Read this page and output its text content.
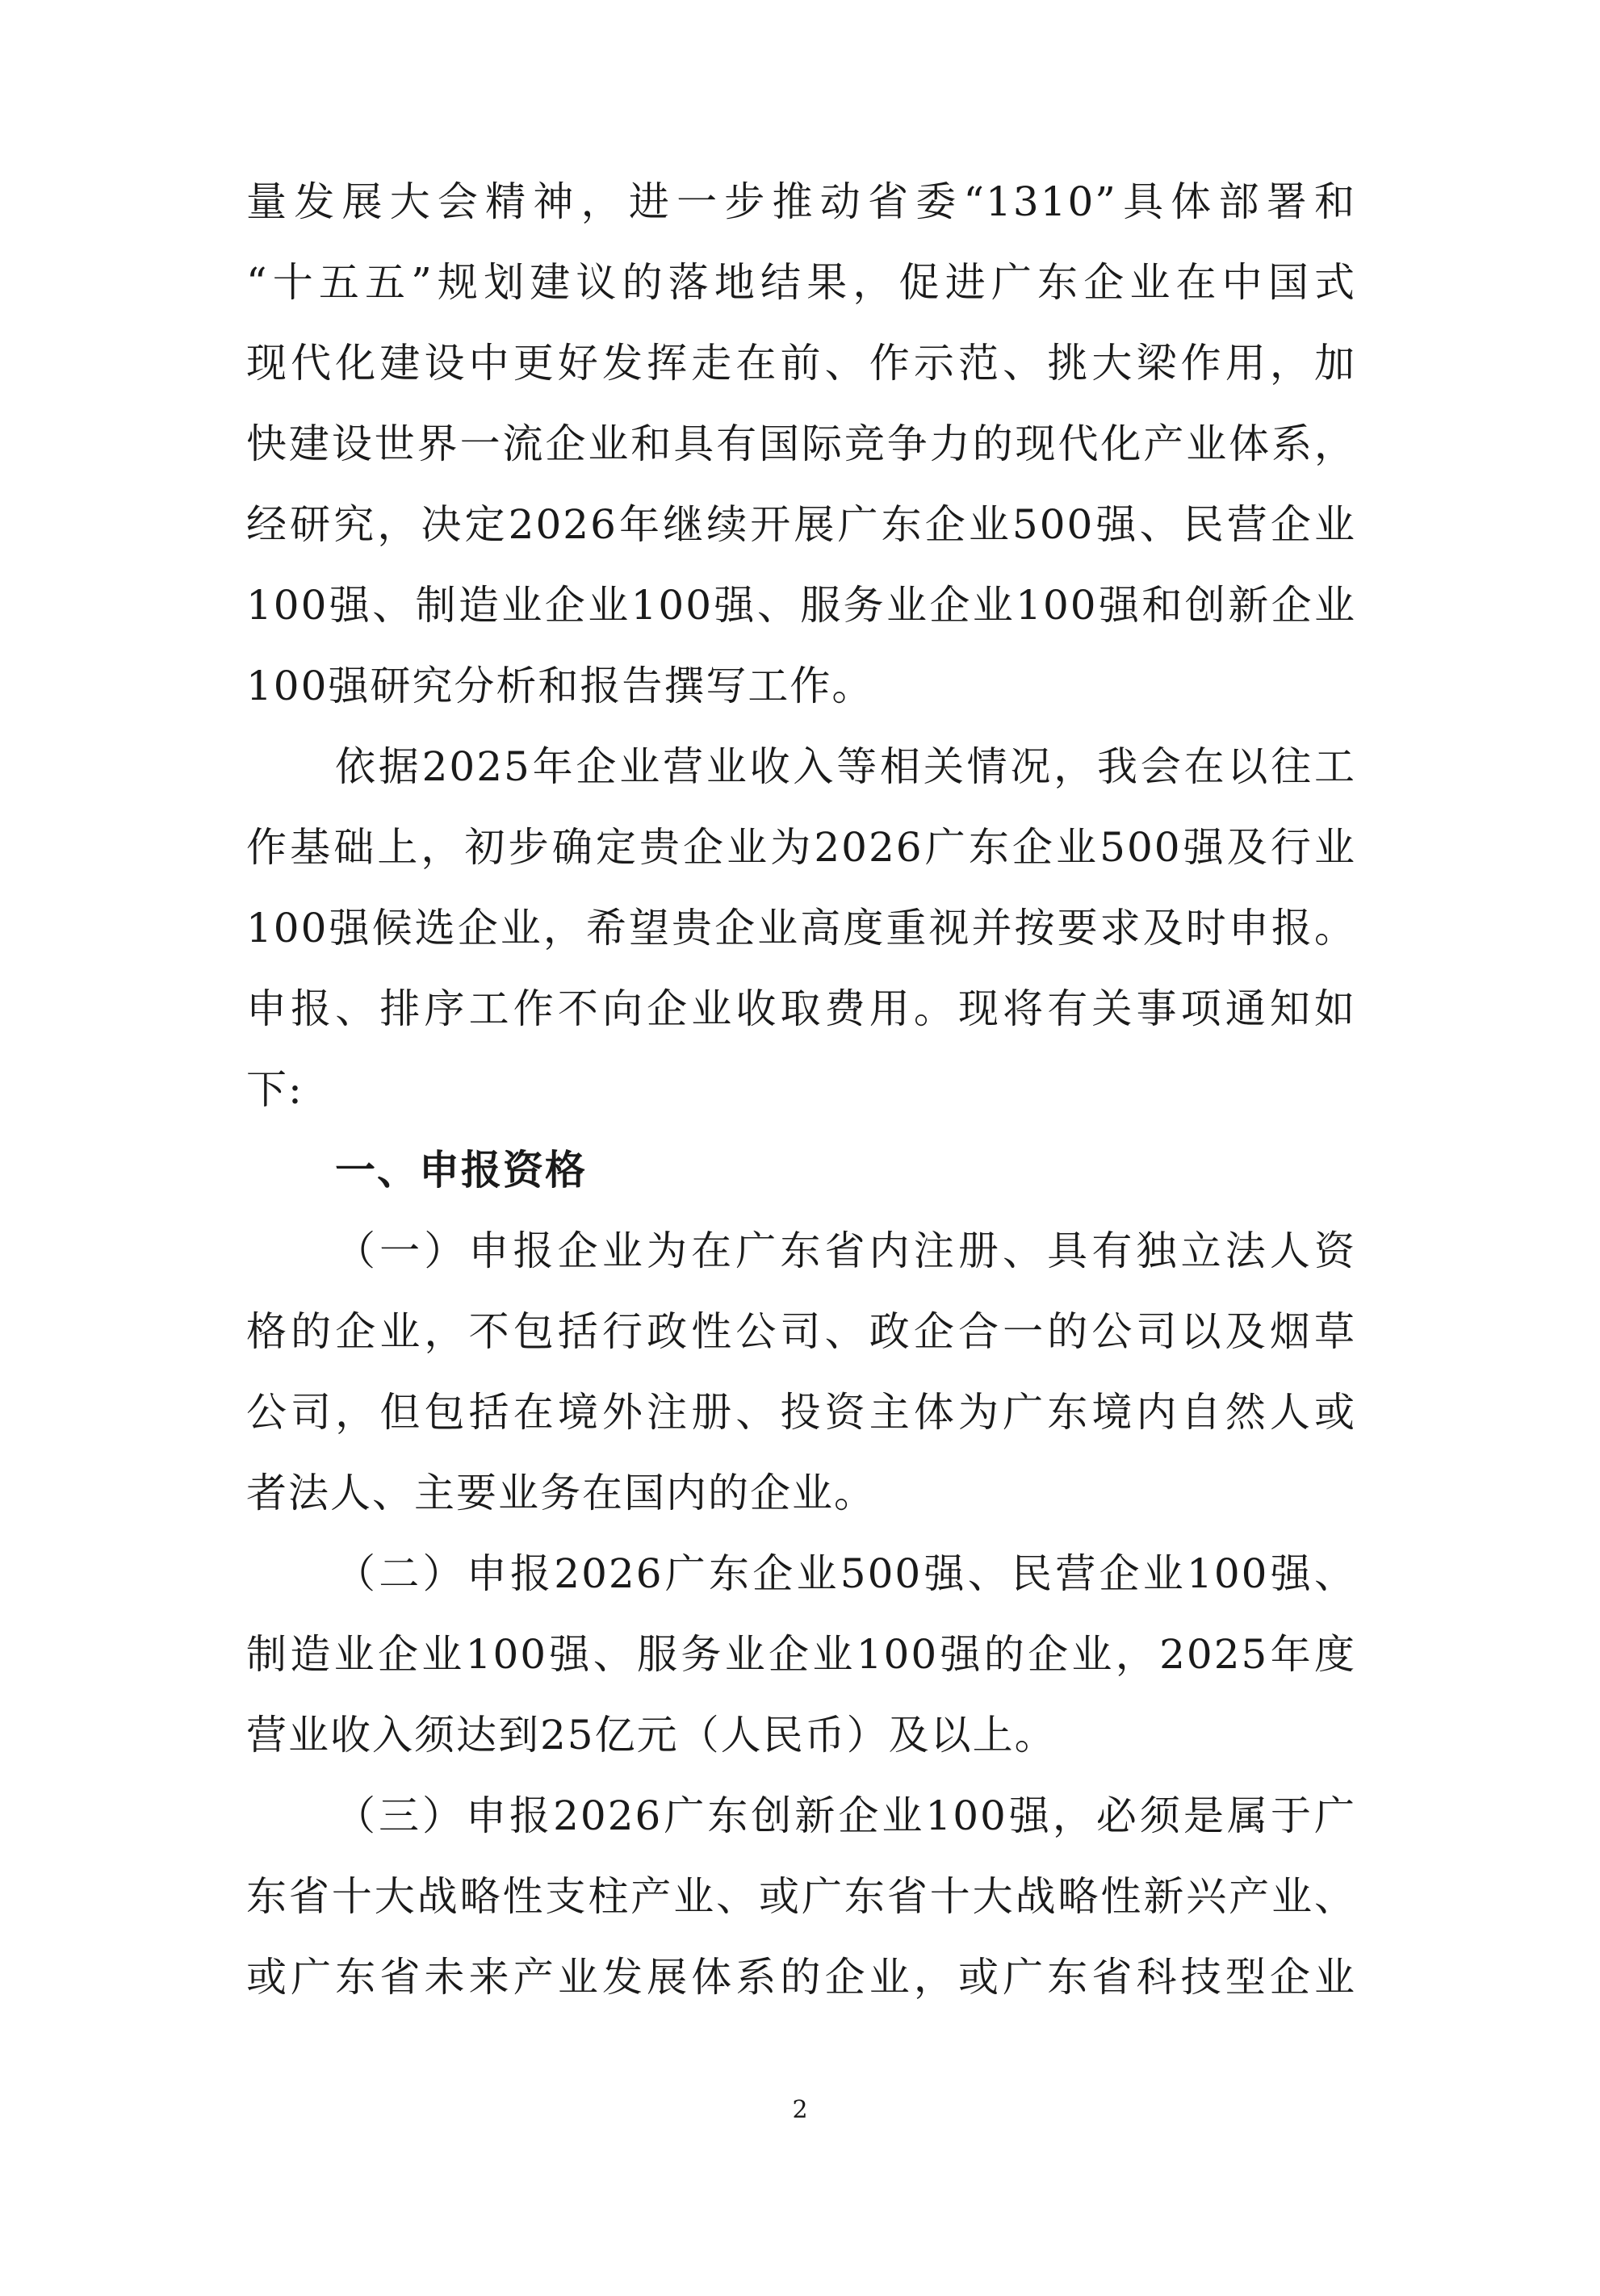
量发展大会精神，进一步推动省委“1310”具体部署和
“十五五”规划建议的落地结果，促进广东企业在中国式
现代化建设中更好发挥走在前、作示范、挑大梁作用，加
快建设世界一流企业和具有国际竞争力的现代化产业体系，
经研究，决定2026年继续开展广东企业500强、民营企业
100强、制造业企业100强、服务业企业100强和创新企业
100强研究分析和报告撰写工作。
依据2025年企业营业收入等相关情况，我会在以往工
作基础上，初步确定贵企业为2026广东企业500强及行业
100强候选企业，希望贵企业高度重视并按要求及时申报。
申报、排序工作不向企业收取费用。现将有关事项通知如
下:
一、申报资格
（一）申报企业为在广东省内注册、具有独立法人资
格的企业，不包括行政性公司、政企合一的公司以及烟草
公司，但包括在境外注册、投资主体为广东境内自然人或
者法人、主要业务在国内的企业。
（二）申报2026广东企业500强、民营企业100强、
制造业企业100强、服务业企业100强的企业，2025年度
营业收入须达到25亿元（人民币）及以上。
（三）申报2026广东创新企业100强，必须是属于广
东省十大战略性支柱产业、或广东省十大战略性新兴产业、
或广东省未来产业发展体系的企业，或广东省科技型企业
2
